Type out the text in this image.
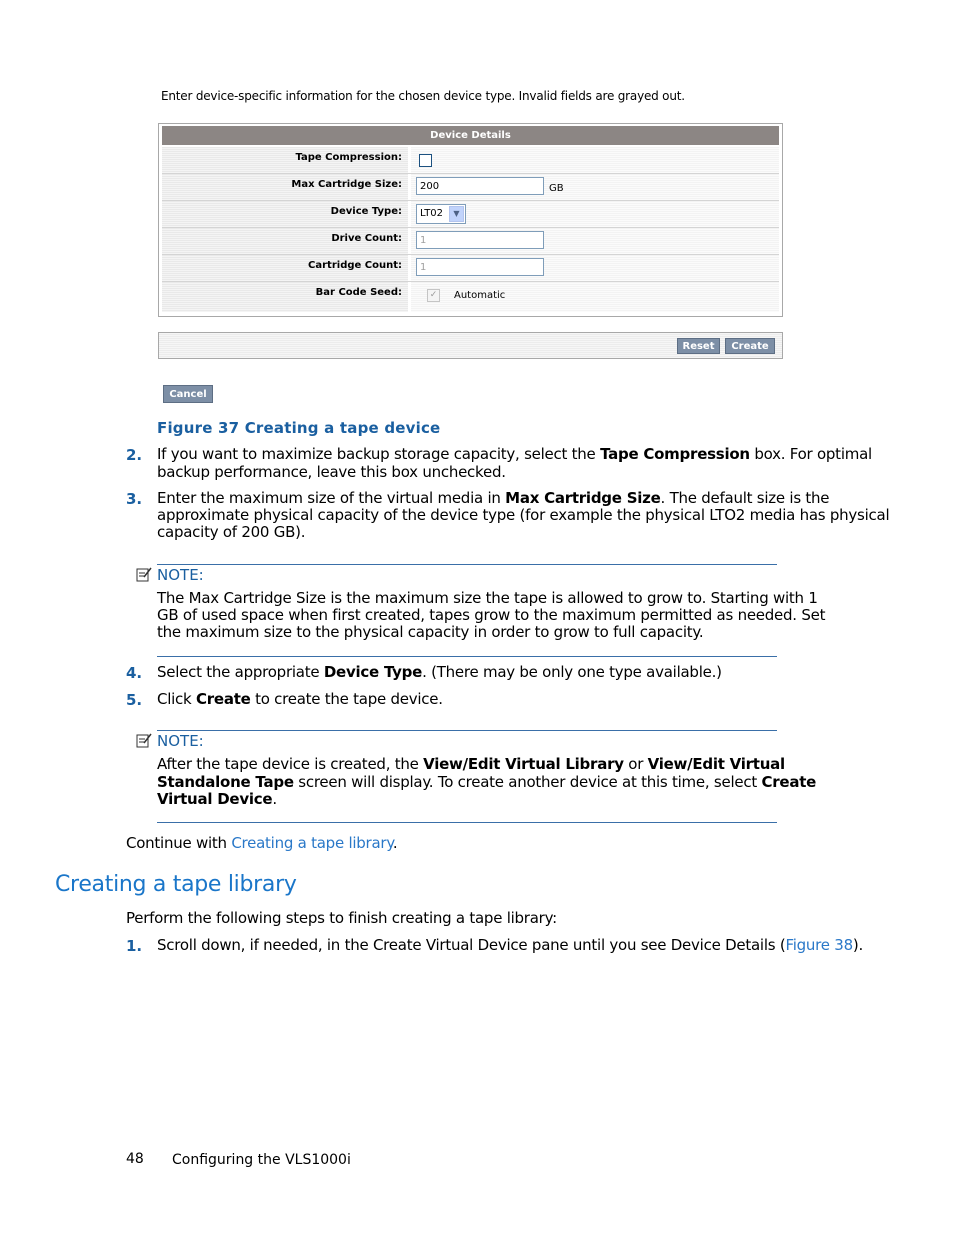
Enter device-specific information for the chosen device type. Invalid fields are grayed out.
Device Details
Tape Compression:
Max Cartridge Size:	200	GB
Device Type:	LT02	▼
Drive Count:	1
Cartridge Count:	1
Bar Code Seed:	✓ Automatic
Reset	Create
Cancel
Figure 37 Creating a tape device
2. If you want to maximize backup storage capacity, select the Tape Compression box. For optimal
backup performance, leave this box unchecked.
3. Enter the maximum size of the virtual media in Max Cartridge Size. The default size is the
approximate physical capacity of the device type (for example the physical LTO2 media has physical
capacity of 200 GB).
NOTE:
The Max Cartridge Size is the maximum size the tape is allowed to grow to. Starting with 1
GB of used space when first created, tapes grow to the maximum permitted as needed. Set
the maximum size to the physical capacity in order to grow to full capacity.
4. Select the appropriate Device Type. (There may be only one type available.)
5. Click Create to create the tape device.
NOTE:
After the tape device is created, the View/Edit Virtual Library or View/Edit Virtual
Standalone Tape screen will display. To create another device at this time, select Create
Virtual Device.
Continue with Creating a tape library.
Creating a tape library
Perform the following steps to finish creating a tape library:
1. Scroll down, if needed, in the Create Virtual Device pane until you see Device Details (Figure 38).
48 Configuring the VLS1000i
